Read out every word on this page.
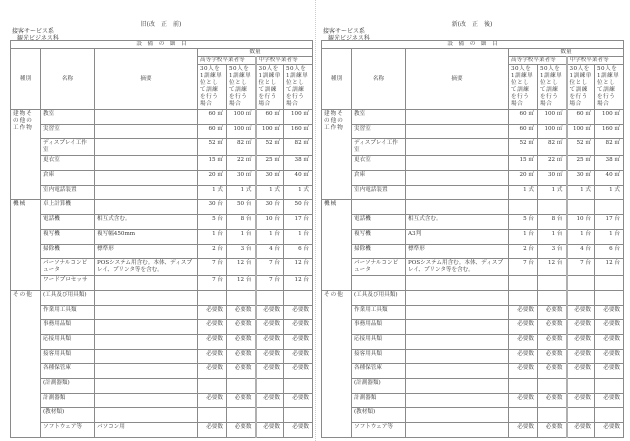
旧(改　正　前)
接客サービス系
観光ビジネス科
設　備　の　細　目						
種別	名称	摘要	数量			
			高等学校卒業者等		中学校卒業者等	
			30人を1訓練単位として訓練を行う場合	50人を1訓練単位として訓練を行う場合	30人を1訓練単位として訓練を行う場合	50人を1訓練単位として訓練を行う場合
建物その他の工作物	教室		60 ㎡	100 ㎡	60 ㎡	100 ㎡
	実習室		60 ㎡	100 ㎡	100 ㎡	160 ㎡
	ディスプレイ工作室		52 ㎡	82 ㎡	52 ㎡	82 ㎡
	更衣室		15 ㎡	22 ㎡	25 ㎡	38 ㎡
	倉庫		20 ㎡	30 ㎡	30 ㎡	40 ㎡
	室内電話装置		1 式	1 式	1 式	1 式
機械	卓上計算機		30 台	50 台	30 台	50 台
	電話機	相互式含む。	5 台	8 台	10 台	17 台
	複写機	複写幅450mm	1 台	1 台	1 台	1 台
	掃除機	標準形	2 台	3 台	4 台	6 台
	パーソナルコンピュータ	POSシステム用含む。本体、ディスプレイ、プリンタ等を含む。	7 台	12 台	7 台	12 台
	ワードプロセッサ		7 台	12 台	7 台	12 台
その他	(工具及び用具類)					
	作業用工具類		必要数	必要数	必要数	必要数
	事務用品類		必要数	必要数	必要数	必要数
	応接用具類		必要数	必要数	必要数	必要数
	接客用具類		必要数	必要数	必要数	必要数
	各種保管庫		必要数	必要数	必要数	必要数
	(計測器類)					
	計測器類		必要数	必要数	必要数	必要数
	(教材類)					
	ソフトウェア等	パソコン用	必要数	必要数	必要数	必要数
新(改　正　後)
接客サービス系
観光ビジネス科
設　備　の　細　目						
種別	名称	摘要	数量			
			高等学校卒業者等		中学校卒業者等	
			30人を1訓練単位として訓練を行う場合	50人を1訓練単位として訓練を行う場合	30人を1訓練単位として訓練を行う場合	50人を1訓練単位として訓練を行う場合
建物その他の工作物	教室		60 ㎡	100 ㎡	60 ㎡	100 ㎡
	実習室		60 ㎡	100 ㎡	100 ㎡	160 ㎡
	ディスプレイ工作室		52 ㎡	82 ㎡	52 ㎡	82 ㎡
	更衣室		15 ㎡	22 ㎡	25 ㎡	38 ㎡
	倉庫		20 ㎡	30 ㎡	30 ㎡	40 ㎡
	室内電話装置		1 式	1 式	1 式	1 式
機械						
	電話機	相互式含む。	5 台	8 台	10 台	17 台
	複写機	A3判	1 台	1 台	1 台	1 台
	掃除機	標準形	2 台	3 台	4 台	6 台
	パーソナルコンピュータ	POSシステム用含む。本体、ディスプレイ、プリンタ等を含む。	7 台	12 台	7 台	12 台

その他	(工具及び用具類)					
	作業用工具類		必要数	必要数	必要数	必要数
	事務用品類		必要数	必要数	必要数	必要数
	応接用具類		必要数	必要数	必要数	必要数
	接客用具類		必要数	必要数	必要数	必要数
	各種保管庫		必要数	必要数	必要数	必要数
	(計測器類)					
	計測器類		必要数	必要数	必要数	必要数
	(教材類)					
	ソフトウェア等		必要数	必要数	必要数	必要数
